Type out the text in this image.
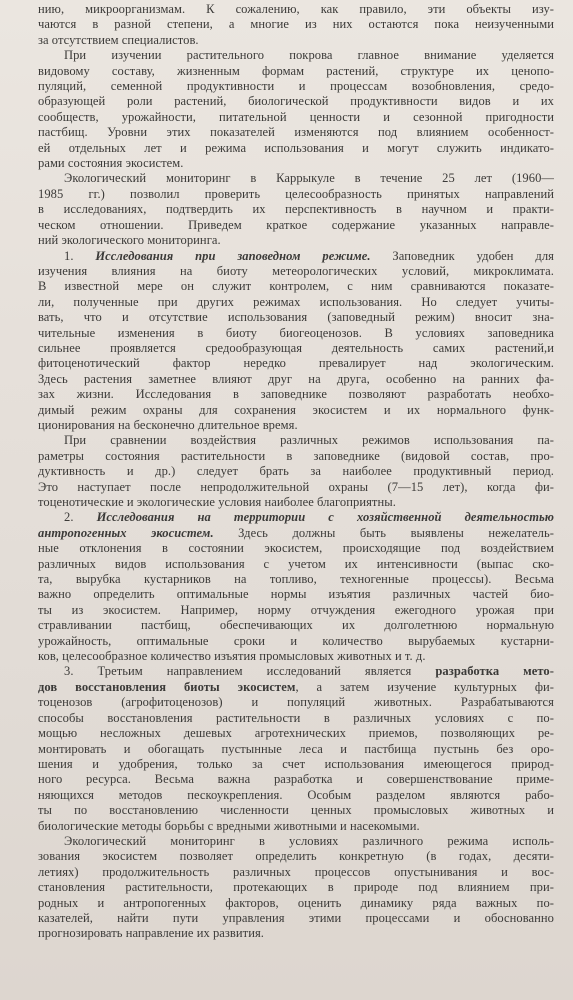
нию, микроорганизмам. К сожалению, как правило, эти объекты изу-
чаются в разной степени, а многие из них остаются пока неизученными
за отсутствием специалистов.
При изучении растительного покрова главное внимание уделяется
видовому составу, жизненным формам растений, структуре их ценопо-
пуляций, семенной продуктивности и процессам возобновления, средо-
образующей роли растений, биологической продуктивности видов и их
сообществ, урожайности, питательной ценности и сезонной пригодности
пастбищ. Уровни этих показателей изменяются под влиянием особенност-
ей отдельных лет и режима использования и могут служить индикато-
рами состояния экосистем.
Экологический мониторинг в Каррыкуле в течение 25 лет (1960—
1985 гг.) позволил проверить целесообразность принятых направлений
в исследованиях, подтвердить их перспективность в научном и практи-
ческом отношении. Приведем краткое содержание указанных направле-
ний экологического мониторинга.
1. Исследования при заповедном режиме. Заповедник удобен для
изучения влияния на биоту метеорологических условий, микроклимата.
В известной мере он служит контролем, с ним сравниваются показате-
ли, полученные при других режимах использования. Но следует учиты-
вать, что и отсутствие использования (заповедный режим) вносит зна-
чительные изменения в биоту биогеоценозов. В условиях заповедника
сильнее проявляется средообразующая деятельность самих растений,и
фитоценотический фактор нередко превалирует над экологическим.
Здесь растения заметнее влияют друг на друга, особенно на ранних фа-
зах жизни. Исследования в заповеднике позволяют разработать необхо-
димый режим охраны для сохранения экосистем и их нормального функ-
ционирования на бесконечно длительное время.
При сравнении воздействия различных режимов использования па-
раметры состояния растительности в заповеднике (видовой состав, про-
дуктивность и др.) следует брать за наиболее продуктивный период.
Это наступает после непродолжительной охраны (7—15 лет), когда фи-
тоценотические и экологические условия наиболее благоприятны.
2. Исследования на территории с хозяйственной деятельностью
антропогенных экосистем. Здесь должны быть выявлены нежелатель-
ные отклонения в состоянии экосистем, происходящие под воздействием
различных видов использования с учетом их интенсивности (выпас ско-
та, вырубка кустарников на топливо, техногенные процессы). Весьма
важно определить оптимальные нормы изъятия различных частей био-
ты из экосистем. Например, норму отчуждения ежегодного урожая при
стравливании пастбищ, обеспечивающих их долголетнюю нормальную
урожайность, оптимальные сроки и количество вырубаемых кустарни-
ков, целесообразное количество изъятия промысловых животных и т. д.
3. Третьим направлением исследований является разработка мето-
дов восстановления биоты экосистем, а затем изучение культурных фи-
тоценозов (агрофитоценозов) и популяций животных. Разрабатываются
способы восстановления растительности в различных условиях с по-
мощью несложных дешевых агротехнических приемов, позволяющих ре-
монтировать и обогащать пустынные леса и пастбища пустынь без оро-
шения и удобрения, только за счет использования имеющегося природ-
ного ресурса. Весьма важна разработка и совершенствование приме-
няющихся методов пескоукрепления. Особым разделом являются рабо-
ты по восстановлению численности ценных промысловых животных и
биологические методы борьбы с вредными животными и насекомыми.
Экологический мониторинг в условиях различного режима исполь-
зования экосистем позволяет определить конкретную (в годах, десяти-
летиях) продолжительность различных процессов опустынивания и вос-
становления растительности, протекающих в природе под влиянием при-
родных и антропогенных факторов, оценить динамику ряда важных по-
казателей, найти пути управления этими процессами и обоснованно
прогнозировать направление их развития.
